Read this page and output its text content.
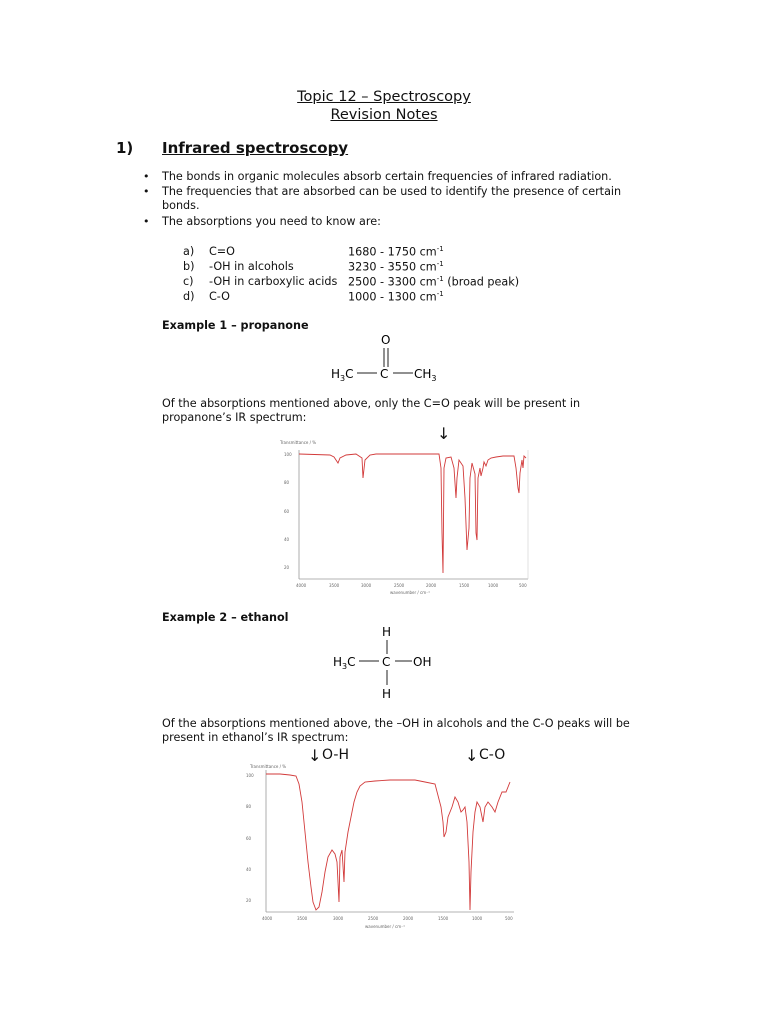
Topic 12 – Spectroscopy
Revision Notes
1) Infrared spectroscopy
• The bonds in organic molecules absorb certain frequencies of infrared radiation.
• The frequencies that are absorbed can be used to identify the presence of certain
bonds.
• The absorptions you need to know are:
a) C=O	1680 - 1750 $cm^{-1}$
b) -OH in alcohols	3230 - 3550 $cm^{-1}$
c) -OH in carboxylic acids 2500 - 3300 $cm^{-1}$ (broad peak)
d) C-O	1000 - 1300 $cm^{-1}$
Example 1 – propanone
O
$H_3C$ C $CH_3$
Of the absorptions mentioned above, only the C=O peak will be present in
propanone’s IR spectrum:
↓
Transmittance / %
100
80
60
40
20
4000	3500	3000	2500	2000	1500	1000	500
wavenumber / cm⁻¹
Example 2 – ethanol
H
$H_3C$ C OH
H
Of the absorptions mentioned above, the –OH in alcohols and the C-O peaks will be
present in ethanol’s IR spectrum:
↓ O-H	↓ C-O
Transmittance / %
100
80
60
40
20
4000	3500	3000	2500	2000	1500	1000	500
wavenumber / cm⁻¹
